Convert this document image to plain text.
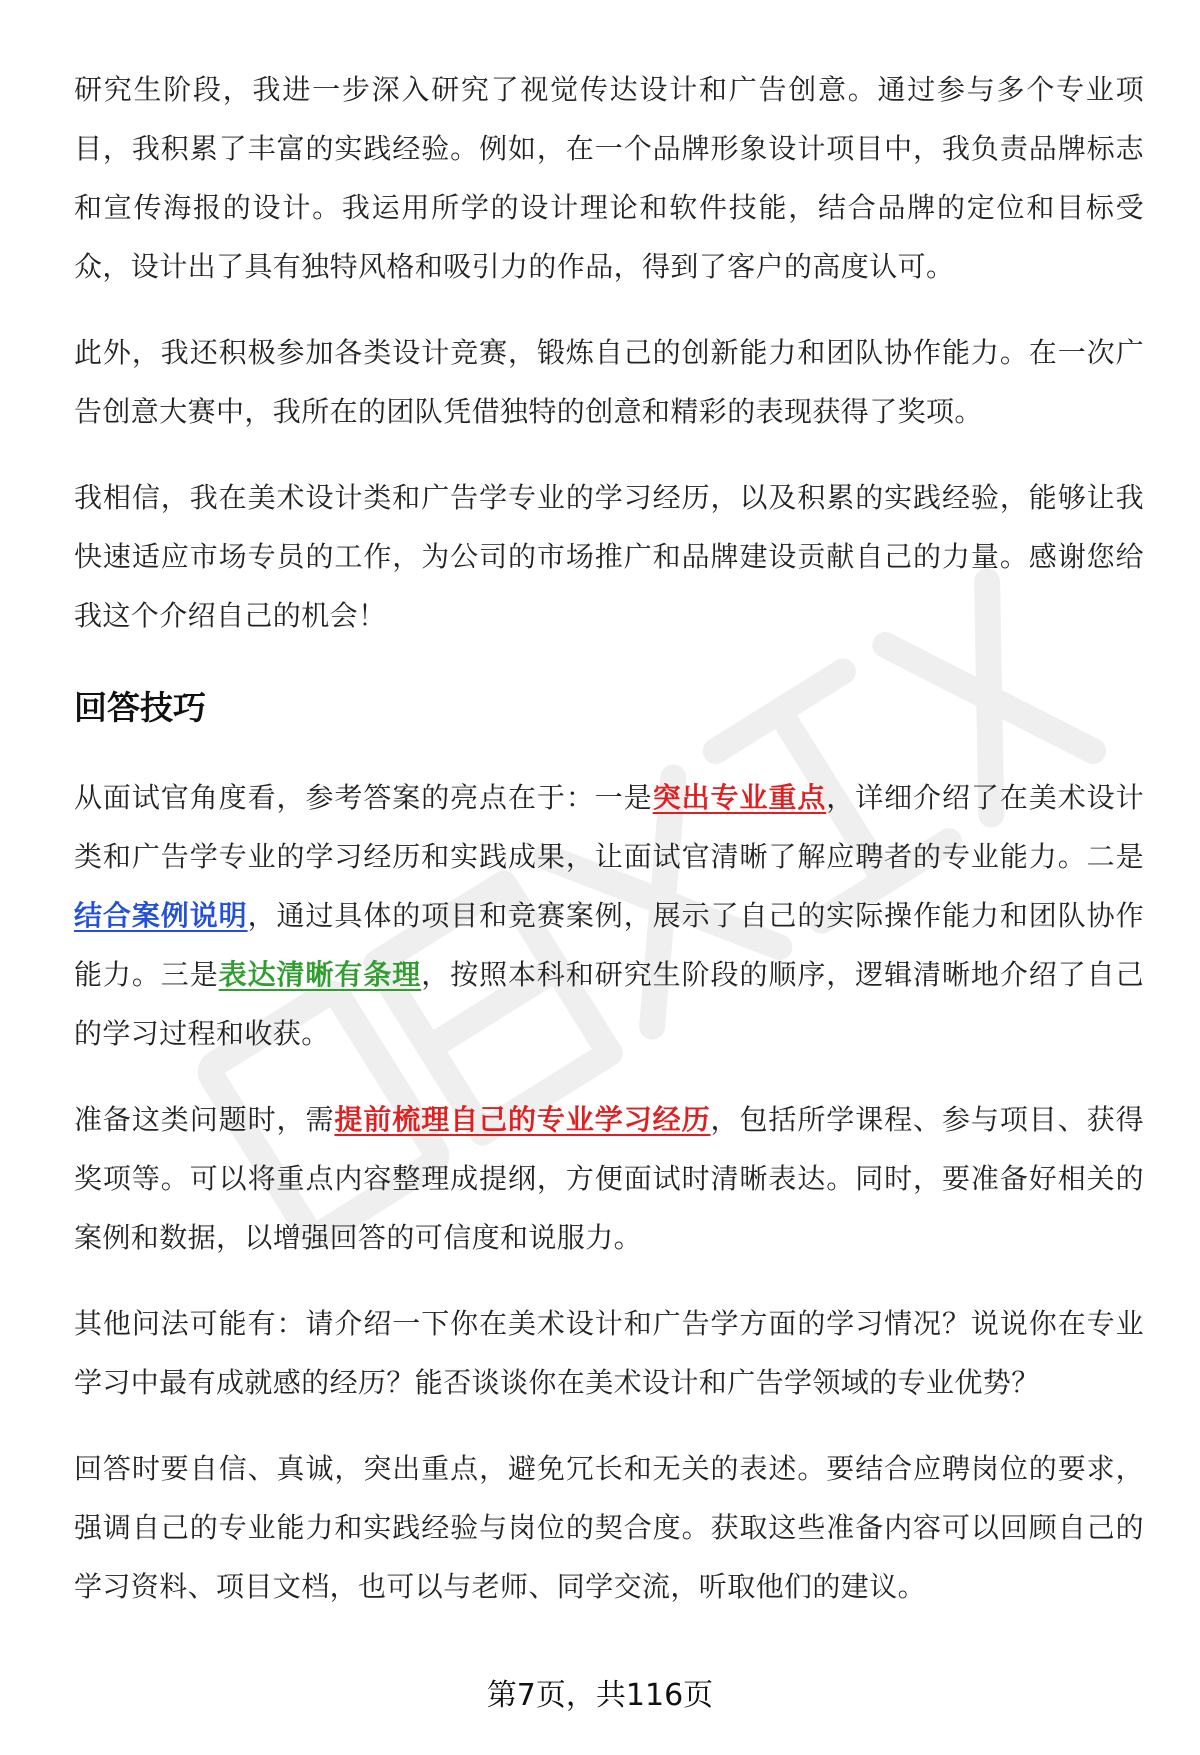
研究生阶段，我进一步深入研究了视觉传达设计和广告创意。通过参与多个专业项目，我积累了丰富的实践经验。例如，在一个品牌形象设计项目中，我负责品牌标志和宣传海报的设计。我运用所学的设计理论和软件技能，结合品牌的定位和目标受众，设计出了具有独特风格和吸引力的作品，得到了客户的高度认可。

此外，我还积极参加各类设计竞赛，锻炼自己的创新能力和团队协作能力。在一次广告创意大赛中，我所在的团队凭借独特的创意和精彩的表现获得了奖项。

我相信，我在美术设计类和广告学专业的学习经历，以及积累的实践经验，能够让我快速适应市场专员的工作，为公司的市场推广和品牌建设贡献自己的力量。感谢您给我这个介绍自己的机会！

回答技巧

从面试官角度看，参考答案的亮点在于：一是突出专业重点，详细介绍了在美术设计类和广告学专业的学习经历和实践成果，让面试官清晰了解应聘者的专业能力。二是结合案例说明，通过具体的项目和竞赛案例，展示了自己的实际操作能力和团队协作能力。三是表达清晰有条理，按照本科和研究生阶段的顺序，逻辑清晰地介绍了自己的学习过程和收获。

准备这类问题时，需提前梳理自己的专业学习经历，包括所学课程、参与项目、获得奖项等。可以将重点内容整理成提纲，方便面试时清晰表达。同时，要准备好相关的案例和数据，以增强回答的可信度和说服力。

其他问法可能有：请介绍一下你在美术设计和广告学方面的学习情况？说说你在专业学习中最有成就感的经历？能否谈谈你在美术设计和广告学领域的专业优势？

回答时要自信、真诚，突出重点，避免冗长和无关的表述。要结合应聘岗位的要求，强调自己的专业能力和实践经验与岗位的契合度。获取这些准备内容可以回顾自己的学习资料、项目文档，也可以与老师、同学交流，听取他们的建议。

第7页，共116页
